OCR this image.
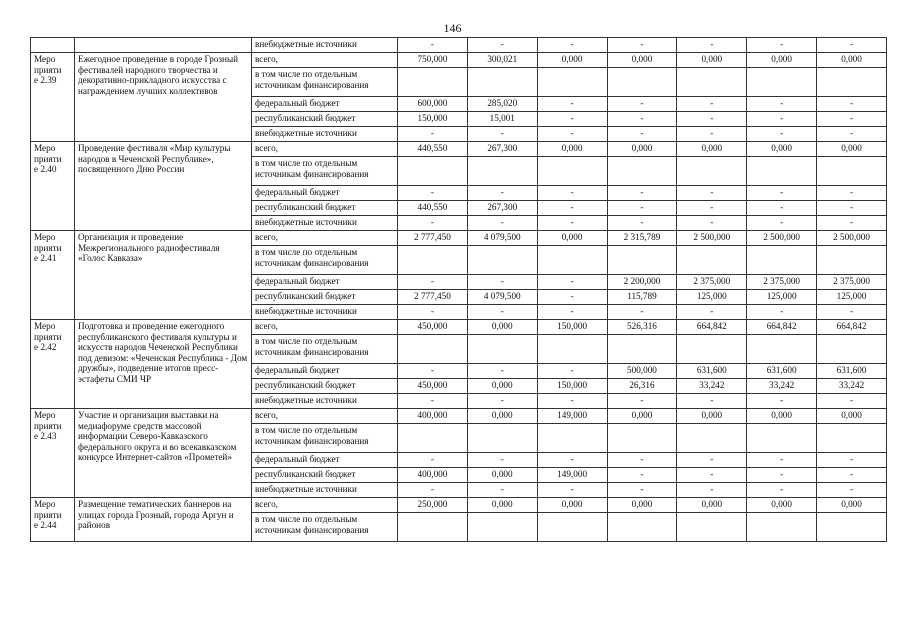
146
		внебюджетные источники	-	-	-	-	-	-	-

Меро
прияти
е 2.39	Ежегодное проведение в городе Грозный фестивалей народного творчества и декоративно-прикладного искусства с награждением лучших коллективов	всего,	750,000	300,021	0,000	0,000	0,000	0,000	0,000
		в том числе по отдельным источникам финансирования							
		федеральный бюджет	600,000	285,020	-	-	-	-	-
		республиканский бюджет	150,000	15,001	-	-	-	-	-
		внебюджетные источники	-	-	-	-	-	-	-

Меро
прияти
е 2.40	Проведение фестиваля «Мир культуры народов в Чеченской Республике», посвященного Дню России	всего,	440,550	267,300	0,000	0,000	0,000	0,000	0,000
		в том числе по отдельным источникам финансирования							
		федеральный бюджет	-	-	-	-	-	-	-
		республиканский бюджет	440,550	267,300	-	-	-	-	-
		внебюджетные источники	-	-	-	-	-	-	-

Меро
прияти
е 2.41	Организация и проведение Межрегионального радиофестиваля «Голос Кавказа»	всего,	2 777,450	4 079,500	0,000	2 315,789	2 500,000	2 500,000	2 500,000
		в том числе по отдельным источникам финансирования							
		федеральный бюджет	-	-	-	2 200,000	2 375,000	2 375,000	2 375,000
		республиканский бюджет	2 777,450	4 079,500	-	115,789	125,000	125,000	125,000
		внебюджетные источники	-	-	-	-	-	-	-

Меро
прияти
е 2.42	Подготовка и проведение ежегодного республиканского фестиваля культуры и искусств народов Чеченской Республики под девизом: «Чеченская Республика - Дом дружбы», подведение итогов пресс-эстафеты СМИ ЧР	всего,	450,000	0,000	150,000	526,316	664,842	664,842	664,842
		в том числе по отдельным источникам финансирования							
		федеральный бюджет	-	-	-	500,000	631,600	631,600	631,600
		республиканский бюджет	450,000	0,000	150,000	26,316	33,242	33,242	33,242
		внебюджетные источники	-	-	-	-	-	-	-

Меро
прияти
е 2.43	Участие и организация выставки на медиафоруме средств массовой информации Северо-Кавказского федерального округа и во всекавказском конкурсе Интернет-сайтов «Прометей»	всего,	400,000	0,000	149,000	0,000	0,000	0,000	0,000
		в том числе по отдельным источникам финансирования							
		федеральный бюджет	-	-	-	-	-	-	-
		республиканский бюджет	400,000	0,000	149,000	-	-	-	-
		внебюджетные источники	-	-	-	-	-	-	-

Меро
прияти
е 2.44	Размещение тематических баннеров на улицах города Грозный, города Аргун и районов	всего,	250,000	0,000	0,000	0,000	0,000	0,000	0,000
		в том числе по отдельным источникам финансирования							
